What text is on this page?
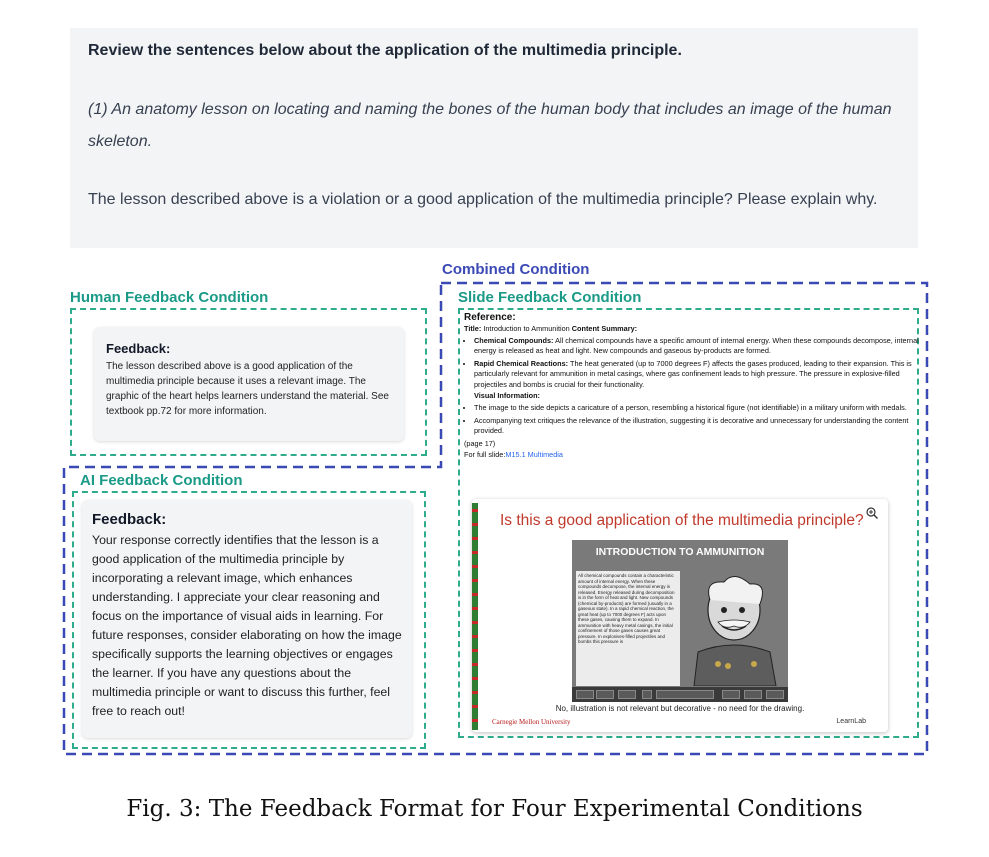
Review the sentences below about the application of the multimedia principle.
(1) An anatomy lesson on locating and naming the bones of the human body that includes an image of the human skeleton.
The lesson described above is a violation or a good application of the multimedia principle? Please explain why.
Combined Condition
Human Feedback Condition	Slide Feedback Condition
AI Feedback Condition
Feedback:
The lesson described above is a good application of the multimedia principle because it uses a relevant image. The graphic of the heart helps learners understand the material. See textbook pp.72 for more information.
Feedback:
Your response correctly identifies that the lesson is a good application of the multimedia principle by incorporating a relevant image, which enhances understanding. I appreciate your clear reasoning and focus on the importance of visual aids in learning. For future responses, consider elaborating on how the image specifically supports the learning objectives or engages the learner. If you have any questions about the multimedia principle or want to discuss this further, feel free to reach out!
Reference:
Title: Introduction to Ammunition Content Summary:
• Chemical Compounds: All chemical compounds have a specific amount of internal energy. When these compounds decompose, internal energy is released as heat and light. New compounds and gaseous by-products are formed.
• Rapid Chemical Reactions: The heat generated (up to 7000 degrees F) affects the gases produced, leading to their expansion. This is particularly relevant for ammunition in metal casings, where gas confinement leads to high pressure. The pressure in explosive-filled projectiles and bombs is crucial for their functionality.
Visual Information:
• The image to the side depicts a caricature of a person, resembling a historical figure (not identifiable) in a military uniform with medals.
• Accompanying text critiques the relevance of the illustration, suggesting it is decorative and unnecessary for understanding the content provided.
(page 17)
For full slide:M15.1 Multimedia
Is this a good application of the multimedia principle?
INTRODUCTION TO AMMUNITION
All chemical compounds contain a characteristic amount of internal energy. When these compounds decompose, the internal energy is released. Energy released during decomposition is in the form of heat and light. New compounds (chemical by-products) are formed (usually in a gaseous state). In a rapid chemical reaction, the great heat (up to 7000 degrees F) acts upon these gases, causing them to expand. In ammunition with heavy metal casings, the initial confinement of those gases causes great pressure. In explosives-filled projectiles and bombs this pressure is
No, illustration is not relevant but decorative - no need for the drawing.
Carnegie Mellon University	LearnLab
Fig. 3: The Feedback Format for Four Experimental Conditions
